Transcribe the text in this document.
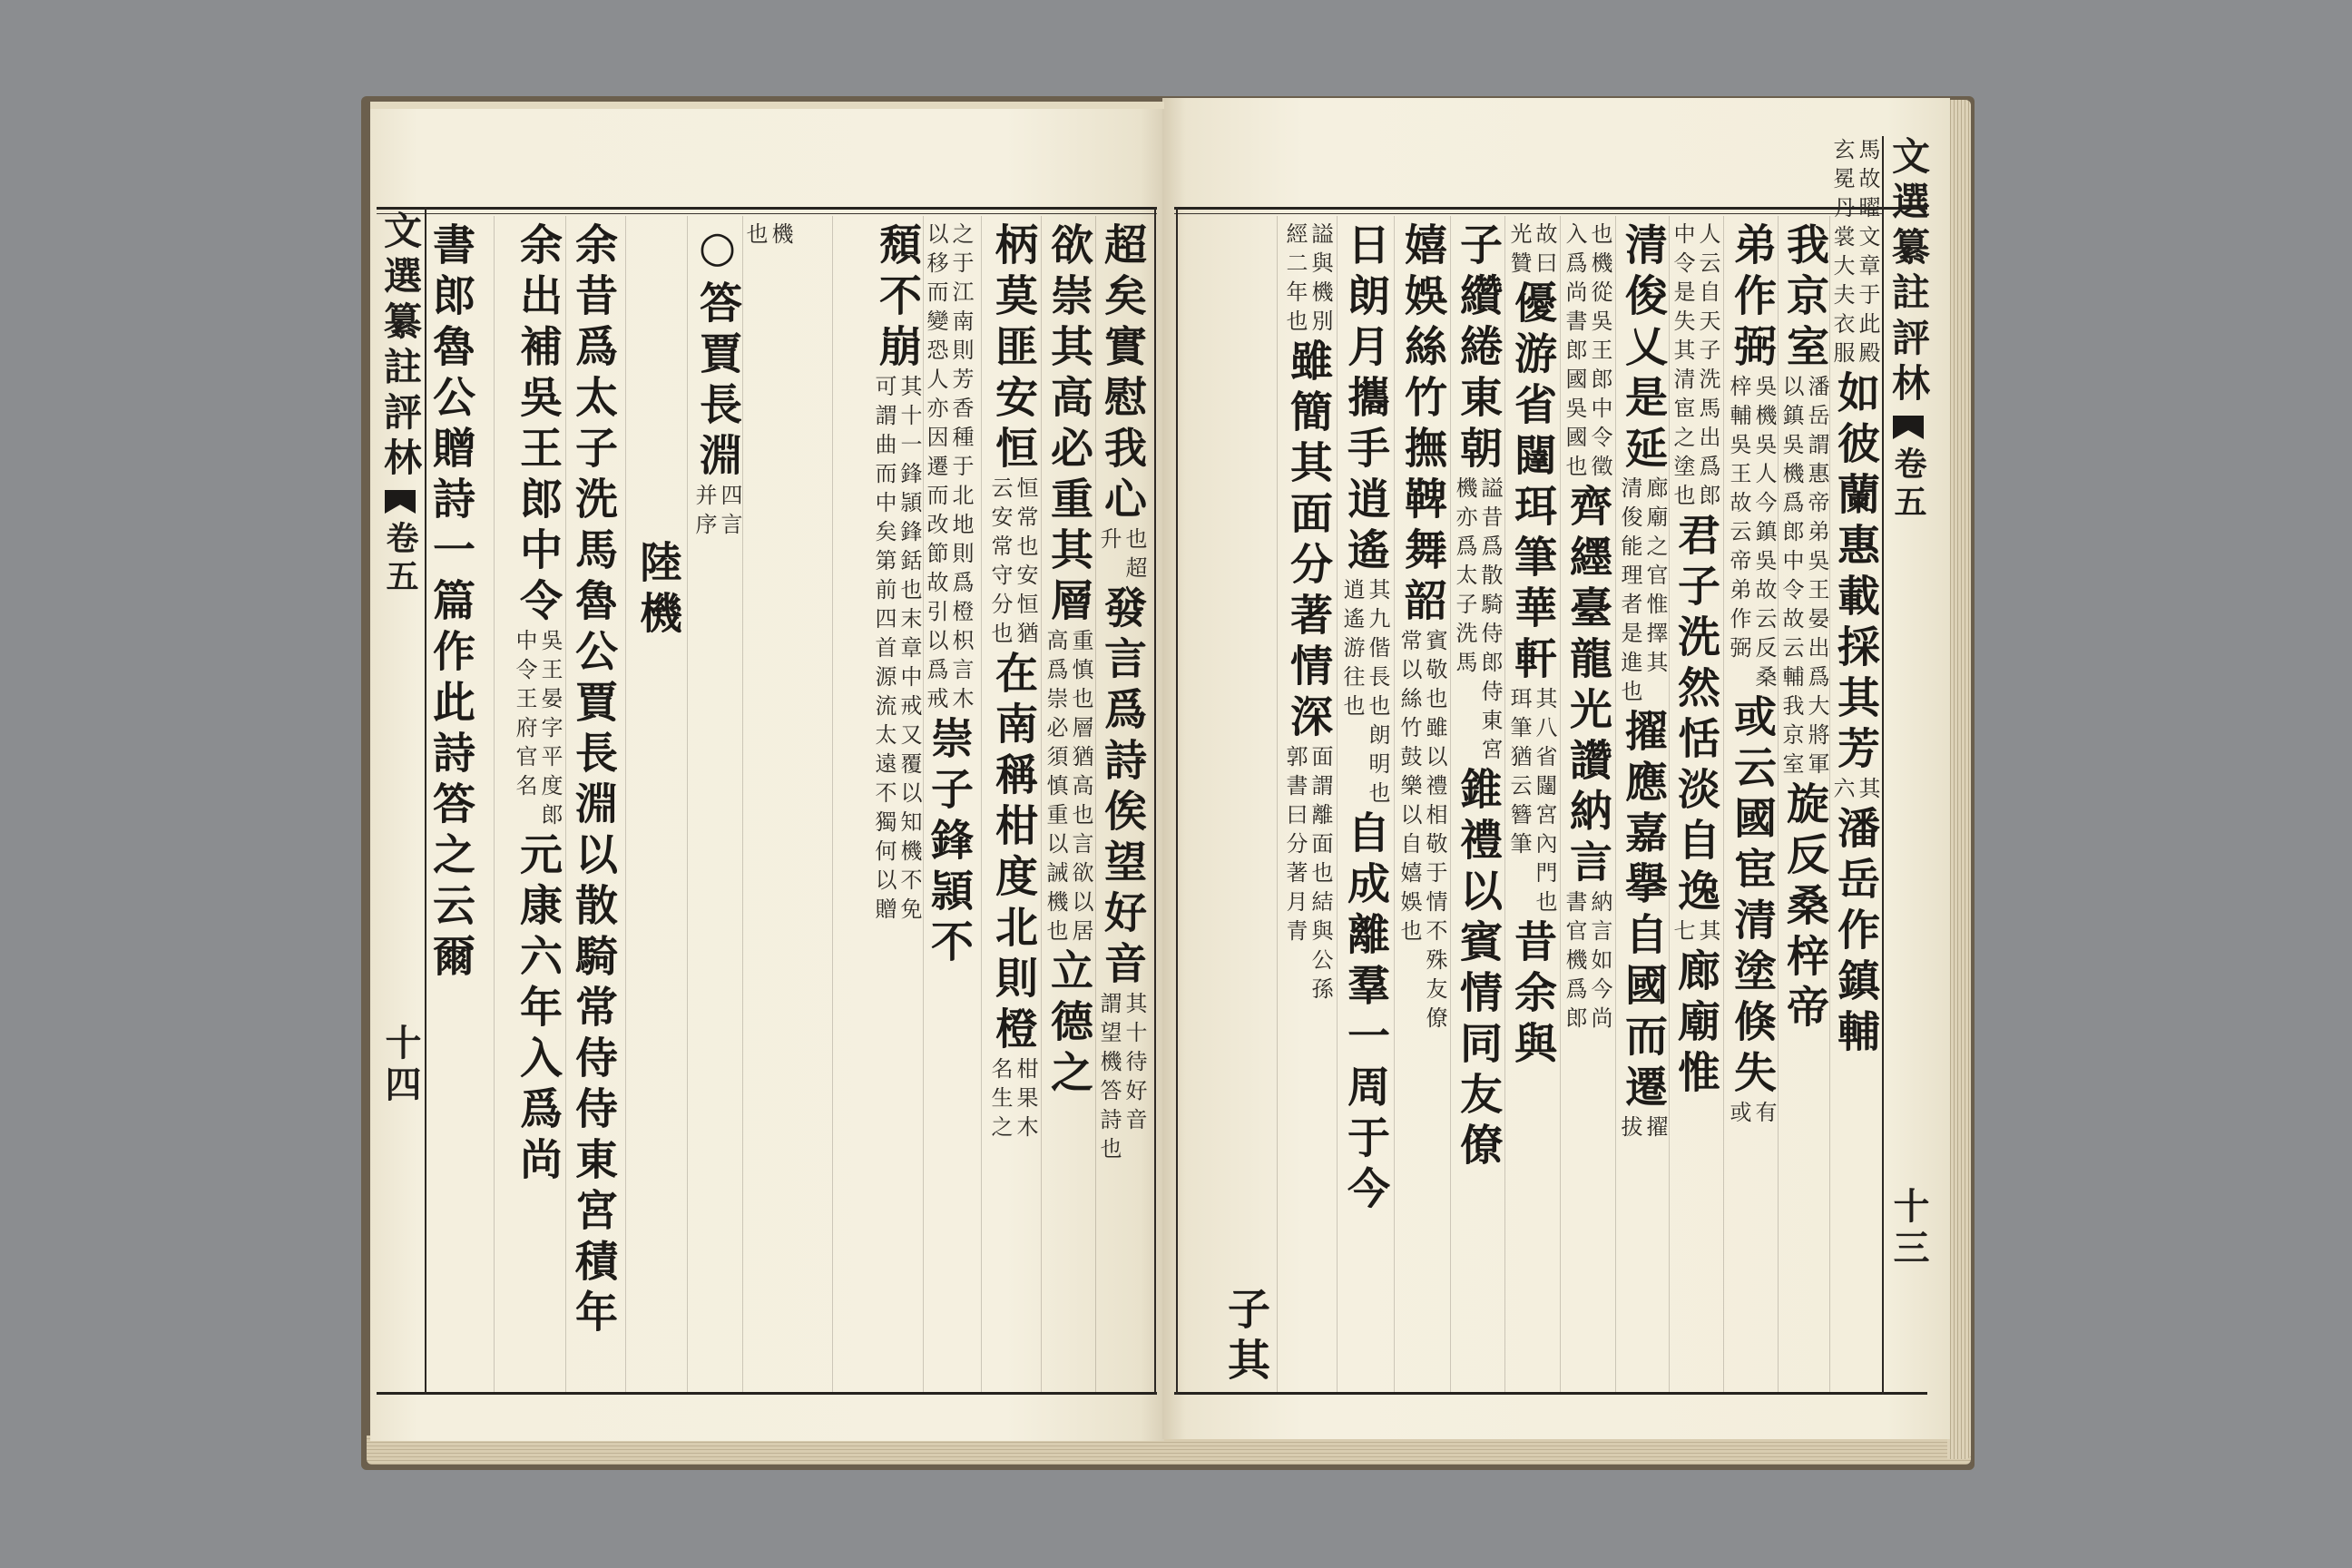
文選纂註評林
卷五
十四
文選纂註評林
卷五
十三
超矣實慰我心
也超
升
發言爲詩俟望好音
其十待好音
謂望機答詩也
欲崇其高必重其層
重慎也層猶高也言欲以居
高爲崇必須慎重以誡機也
立德之
柄莫匪安恒
恒常也安恒猶
云安常守分也
在南稱柑度北則橙
柑果木
名生之
之于江南則芳香種于北地則爲橙枳言木
以移而變恐人亦因遷而改節故引以爲戒
崇子鋒頴不
頹不崩
其十一鋒頴鋒銛也末章中戒又覆以知機不免
可謂曲而中矣第前四首源流太遠不獨何以贈
機
也
○答賈長淵
四言
并序
陸機
余昔爲太子洗馬魯公賈長淵以散騎常侍侍東宮積年
余出補吳王郎中令
吳王晏字平度郎
中令王府官名
元康六年入爲尚
書郎魯公贈詩一篇作此詩答之云爾	馬故曜文章于此殿
玄冕丹裳大夫衣服
如彼蘭惠載採其芳
其
六
潘岳作鎮輔
我京室
潘岳謂惠帝弟吳王晏出爲大將軍
以鎮吳機爲郎中令故云輔我京室
旋反桑梓帝
弟作弼
吳機吳人今鎮吳故云反桑
梓輔吳王故云帝弟作弼
或云國宦清塗倏失
有
或
人云自天子洗馬出爲郎
中令是失其清宦之塗也
君子洗然恬淡自逸
其
七
廊廟惟
清俊乂是延
廊廟之官惟擇其
清俊能理者是進也
擢應嘉擧自國而遷
擢
拔
也機從吳王郎中令徵
入爲尚書郎國吳國也
齊纆臺龍光讚納言
納言如今尚
書官機爲郎
故曰
光贊
優游省闥珥筆華軒
其八省闥宮內門也
珥筆猶云簪筆
昔余與
子纘綣東朝
謚昔爲散騎侍郎侍東宮
機亦爲太子洗馬
錐禮以賓情同友僚
嬉娛絲竹撫鞞舞韶
賓敬也雖以禮相敬于情不殊友僚
常以絲竹鼓樂以自嬉娛也
日朗月攜手逍遙
其九偕長也朗明也
逍遙游往也
自成離羣一周于今
謚與機別
經二年也
雖簡其面分著情深
面謂離面也結與公孫
郭書曰分著月青
子其
